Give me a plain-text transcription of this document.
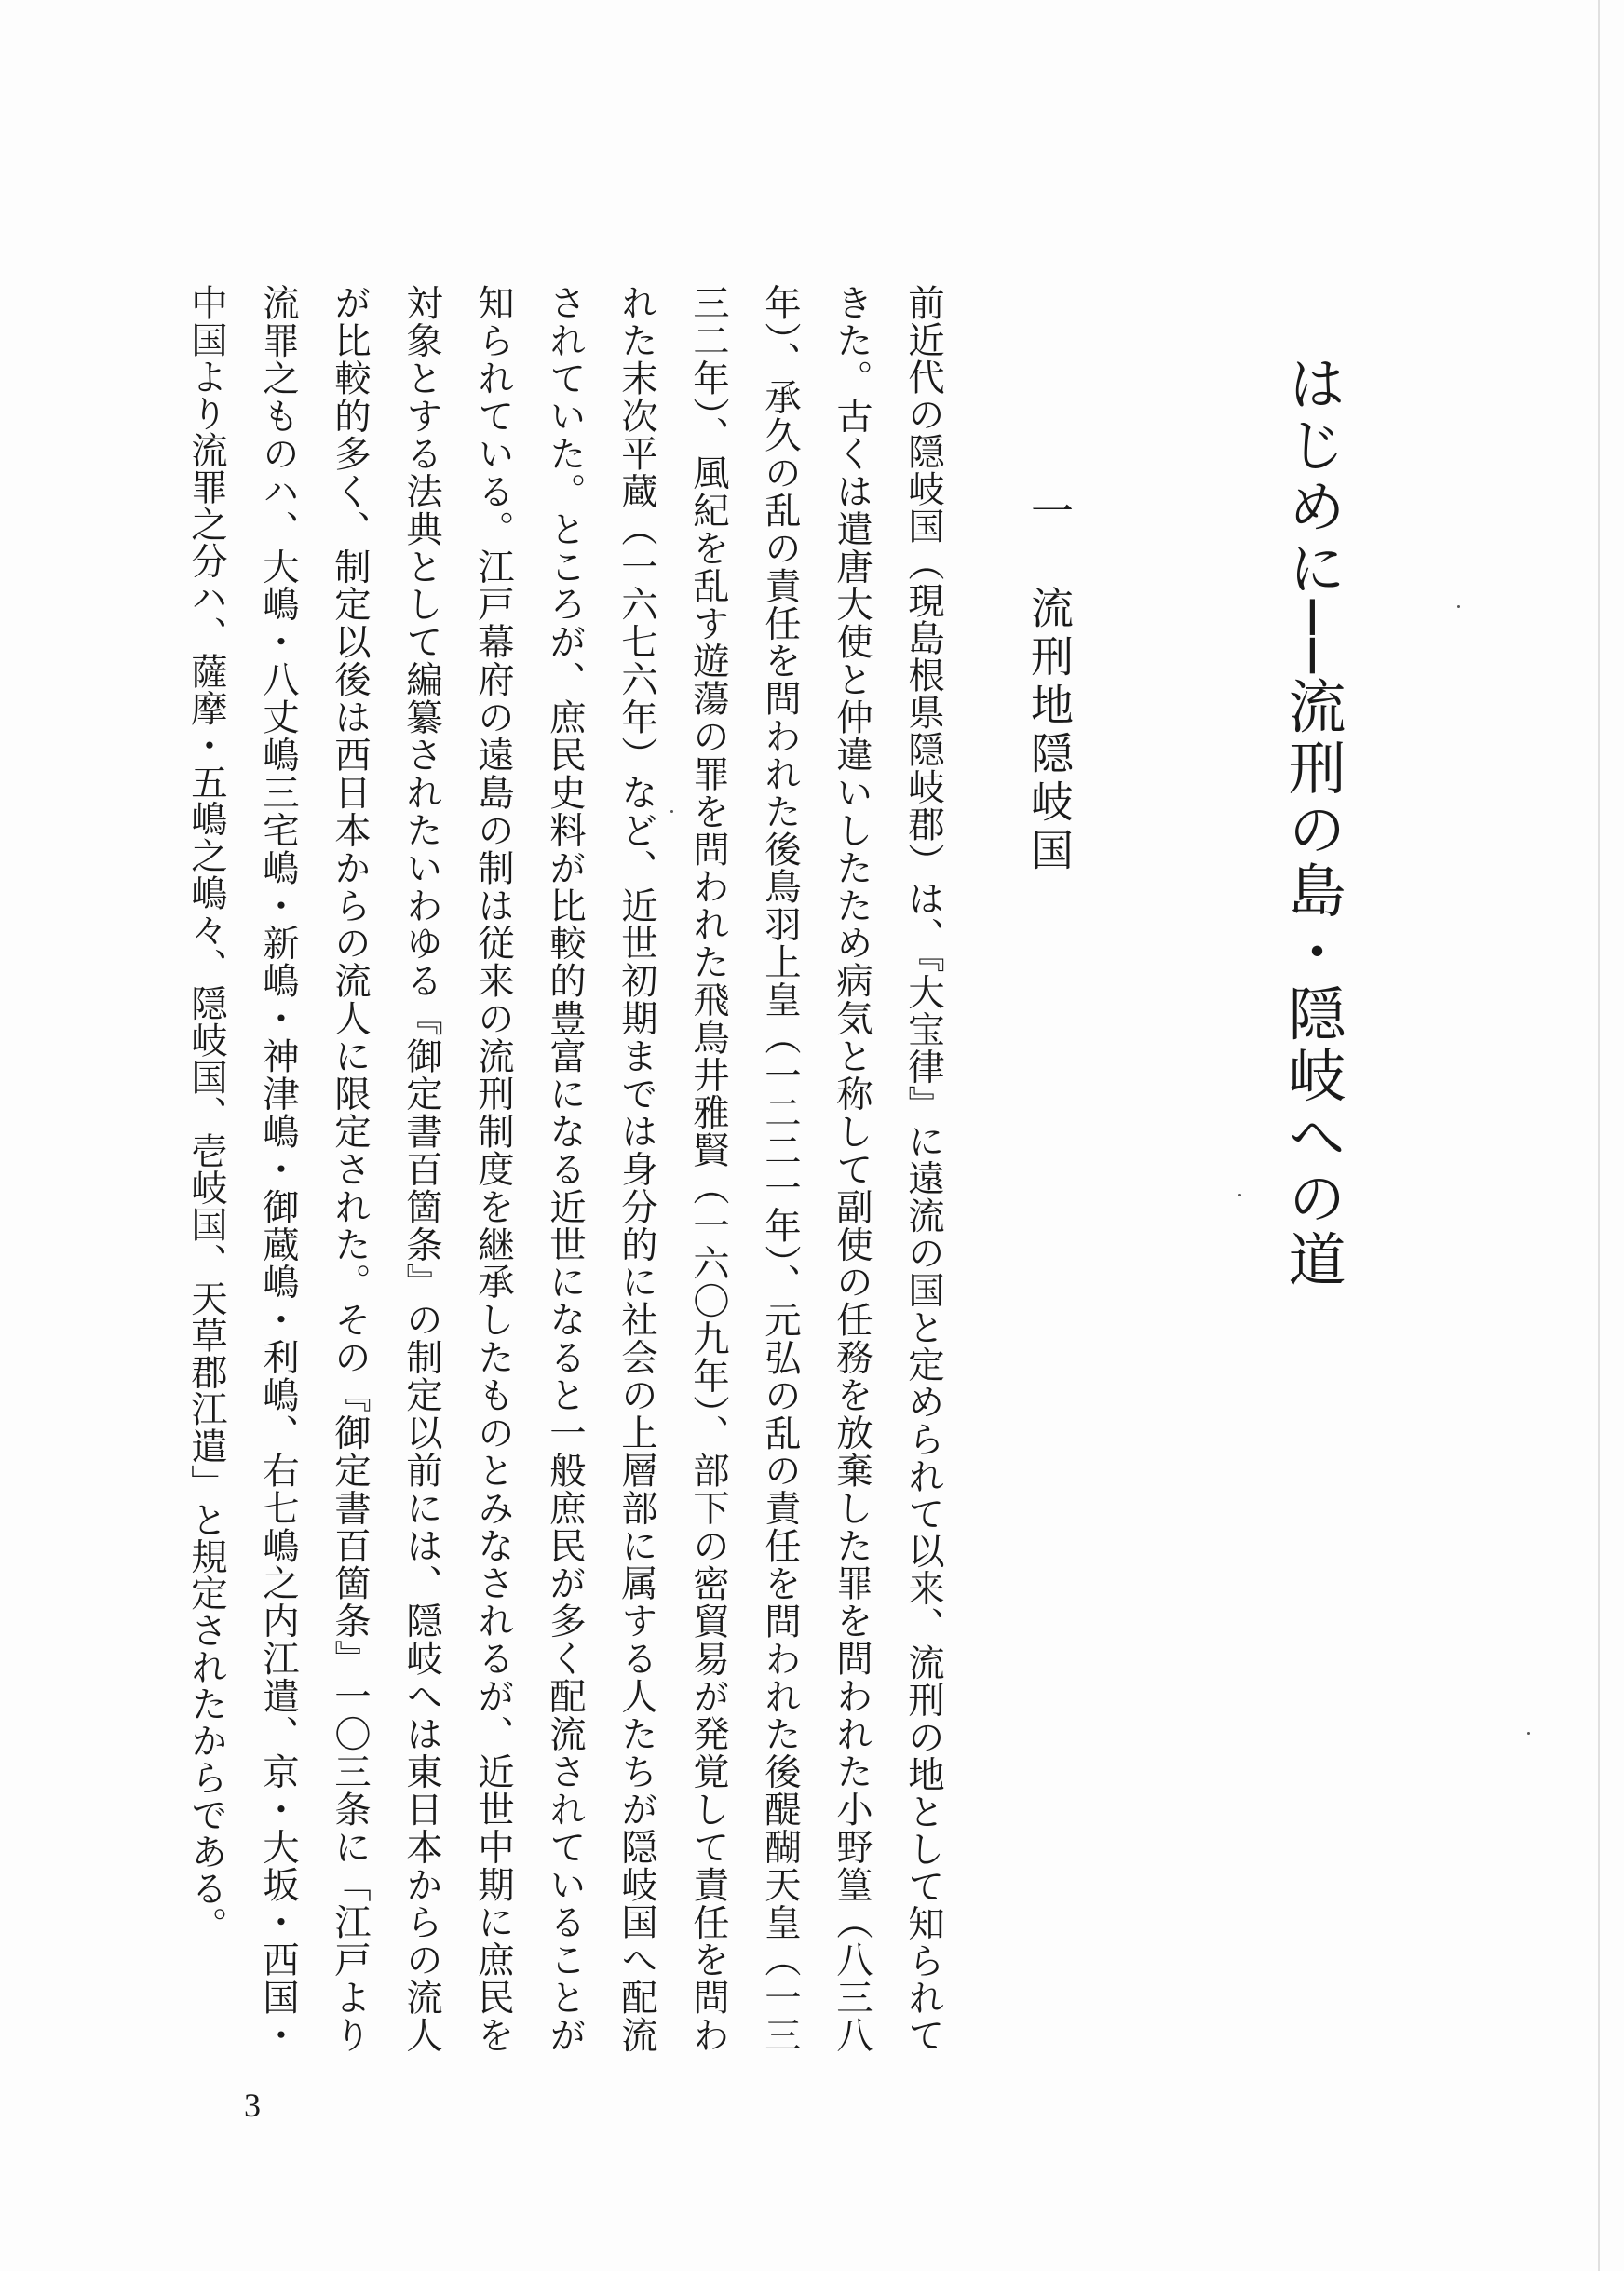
はじめに──流刑の島・隠岐への道
一　流刑地隠岐国
前近代の隠岐国（現島根県隠岐郡）は、『大宝律』に遠流の国と定められて以来、流刑の地として知られてきた。古くは遣唐大使と仲違いしたため病気と称して副使の任務を放棄した罪を問われた小野篁（八三八年）、承久の乱の責任を問われた後鳥羽上皇（一二二一年）、元弘の乱の責任を問われた後醍醐天皇（一三三二年）、風紀を乱す遊蕩の罪を問われた飛鳥井雅賢（一六〇九年）、部下の密貿易が発覚して責任を問われた末次平蔵（一六七六年）など、近世初期までは身分的に社会の上層部に属する人たちが隠岐国へ配流されていた。ところが、庶民史料が比較的豊富になる近世になると一般庶民が多く配流されていることが知られている。江戸幕府の遠島の制は従来の流刑制度を継承したものとみなされるが、近世中期に庶民を対象とする法典として編纂されたいわゆる『御定書百箇条』の制定以前には、隠岐へは東日本からの流人が比較的多く、制定以後は西日本からの流人に限定された。その『御定書百箇条』一〇三条に「江戸より流罪之ものハ、大嶋・八丈嶋三宅嶋・新嶋・神津嶋・御蔵嶋・利嶋、右七嶋之内江遣、京・大坂・西国・中国より流罪之分ハ、薩摩・五嶋之嶋々、隠岐国、壱岐国、天草郡江遣」と規定されたからである。
3
